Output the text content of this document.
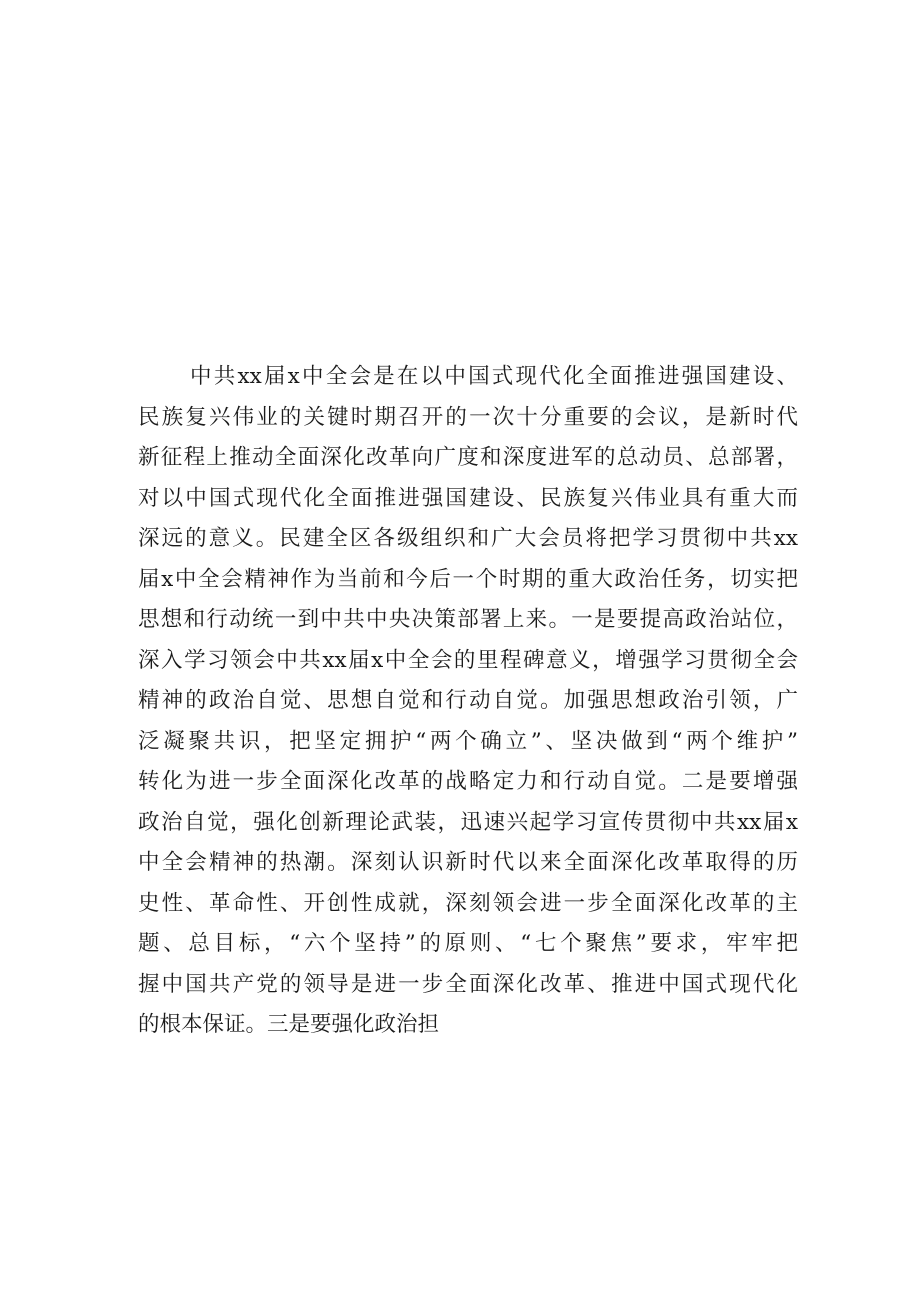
中共xx届x中全会是在以中国式现代化全面推进强国建设、
民族复兴伟业的关键时期召开的一次十分重要的会议，是新时代
新征程上推动全面深化改革向广度和深度进军的总动员、总部署，
对以中国式现代化全面推进强国建设、民族复兴伟业具有重大而
深远的意义。民建全区各级组织和广大会员将把学习贯彻中共xx
届x中全会精神作为当前和今后一个时期的重大政治任务，切实把
思想和行动统一到中共中央决策部署上来。一是要提高政治站位，
深入学习领会中共xx届x中全会的里程碑意义，增强学习贯彻全会
精神的政治自觉、思想自觉和行动自觉。加强思想政治引领，广
泛凝聚共识，把坚定拥护“两个确立”、坚决做到“两个维护”
转化为进一步全面深化改革的战略定力和行动自觉。二是要增强
政治自觉，强化创新理论武装，迅速兴起学习宣传贯彻中共xx届x
中全会精神的热潮。深刻认识新时代以来全面深化改革取得的历
史性、革命性、开创性成就，深刻领会进一步全面深化改革的主
题、总目标，“六个坚持”的原则、“七个聚焦”要求，牢牢把
握中国共产党的领导是进一步全面深化改革、推进中国式现代化
的根本保证。三是要强化政治担
